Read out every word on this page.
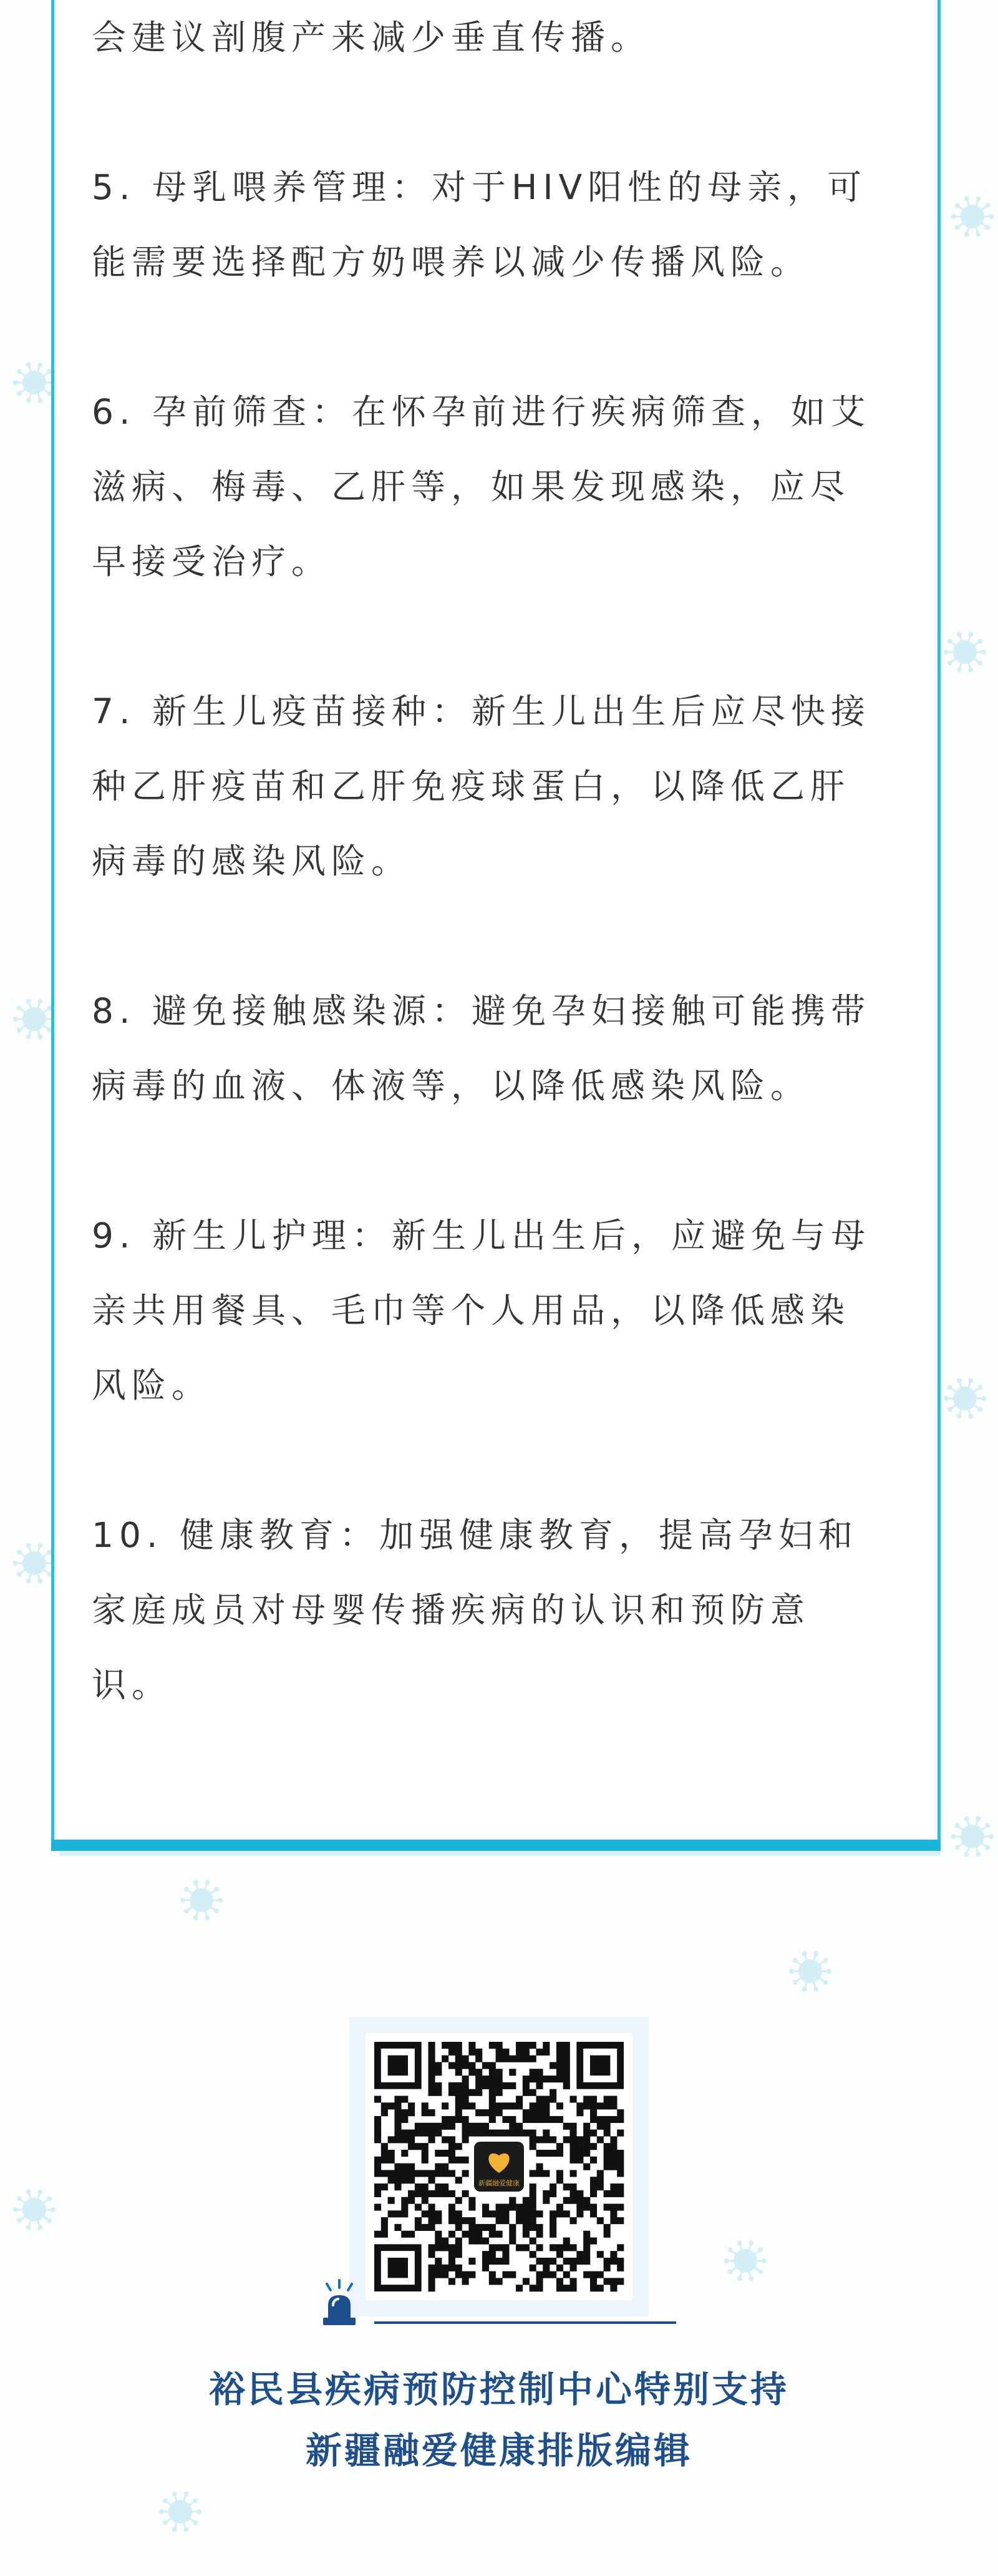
会建议剖腹产来减少垂直传播。
5. 母乳喂养管理：对于HIV阳性的母亲，可
能需要选择配方奶喂养以减少传播风险。
6. 孕前筛查：在怀孕前进行疾病筛查，如艾
滋病、梅毒、乙肝等，如果发现感染，应尽
早接受治疗。
7. 新生儿疫苗接种：新生儿出生后应尽快接
种乙肝疫苗和乙肝免疫球蛋白，以降低乙肝
病毒的感染风险。
8. 避免接触感染源：避免孕妇接触可能携带
病毒的血液、体液等，以降低感染风险。
9. 新生儿护理：新生儿出生后，应避免与母
亲共用餐具、毛巾等个人用品，以降低感染
风险。
10. 健康教育：加强健康教育，提高孕妇和
家庭成员对母婴传播疾病的认识和预防意
识。
新疆融爱健康
裕民县疾病预防控制中心特别支持
新疆融爱健康排版编辑
